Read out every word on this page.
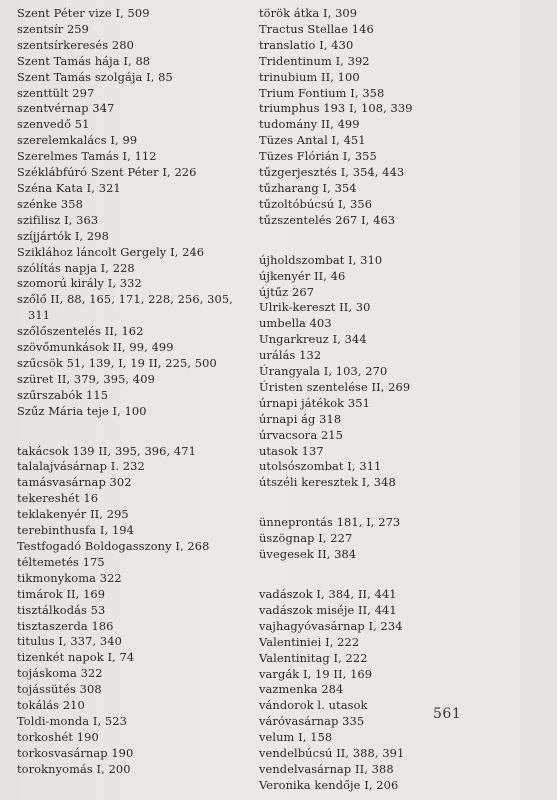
Szent Péter vize I, 509
szentsír 259
szentsírkeresés 280
Szent Tamás hája I, 88
Szent Tamás szolgája I, 85
szenttült 297
szentvérnap 347
szenvedő 51
szerelemkalács I, 99
Szerelmes Tamás I, 112
Széklábfúró Szent Péter I, 226
Széna Kata I, 321
szénke 358
szifilisz I, 363
szíjjártók I, 298
Sziklához láncolt Gergely I, 246
szólítás napja I, 228
szomorú király I, 332
szőlő II, 88, 165, 171, 228, 256, 305,
311
szőlőszentelés II, 162
szövőmunkások II, 99, 499
szűcsök 51, 139, I, 19 II, 225, 500
szüret II, 379, 395, 409
szűrszabók 115
Szűz Mária teje I, 100
takácsok 139 II, 395, 396, 471
talalajvásárnap I. 232
tamásvasárnap 302
tekereshét 16
teklakenyér II, 295
terebinthusfa I, 194
Testfogadó Boldogasszony I, 268
téltemetés 175
tikmonykoma 322
timárok II, 169
tisztálkodás 53
tisztaszerda 186
titulus I, 337, 340
tizenkét napok I, 74
tojáskoma 322
tojássütés 308
tokálás 210
Toldi-monda I, 523
torkoshét 190
torkosvasárnap 190
toroknyomás I, 200
török átka I, 309
Tractus Stellae 146
translatio I, 430
Tridentinum I, 392
trinubium II, 100
Trium Fontium I, 358
triumphus 193 I, 108, 339
tudomány II, 499
Tüzes Antal I, 451
Tüzes Flórián I, 355
tűzgerjesztés I, 354, 443
tűzharang I, 354
tűzoltóbúcsú I, 356
tűzszentelés 267 I, 463
újholdszombat I, 310
újkenyér II, 46
újtűz 267
Ulrik-kereszt II, 30
umbella 403
Ungarkreuz I, 344
urálás 132
Úrangyala I, 103, 270
Úristen szentelése II, 269
úrnapi játékok 351
úrnapi ág 318
úrvacsora 215
utasok 137
utolsószombat I, 311
útszéli keresztek I, 348
ünneprontás 181, I, 273
üszögnap I, 227
üvegesek II, 384
vadászok I, 384, II, 441
vadászok miséje II, 441
vajhagyóvasárnap I, 234
Valentiniei I, 222
Valentinitag I, 222
vargák I, 19 II, 169
vazmenka 284
vándorok l. utasok
váróvasárnap 335
velum I, 158
vendelbúcsú II, 388, 391
vendelvasárnap II, 388
Veronika kendője I, 206
561
